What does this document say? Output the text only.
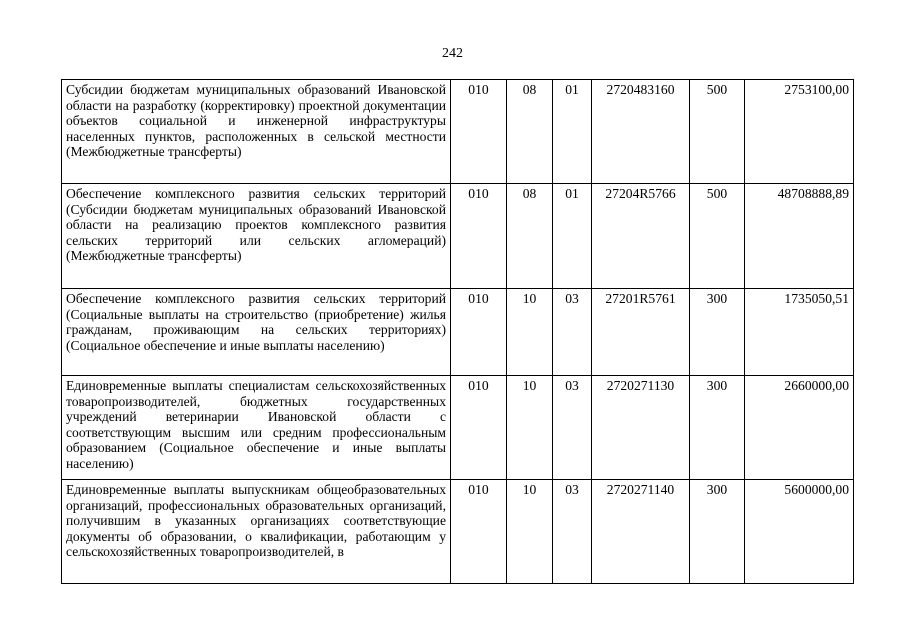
242
Субсидии бюджетам муниципальных образований Ивановской области на разработку (корректировку) проектной документации объектов социальной и инженерной инфраструктуры населенных пунктов, расположенных в сельской местности (Межбюджетные трансферты)	010	08	01	2720483160	500	2753100,00
Обеспечение комплексного развития сельских территорий (Субсидии бюджетам муниципальных образований Ивановской области на реализацию проектов комплексного развития сельских территорий или сельских агломераций) (Межбюджетные трансферты)	010	08	01	27204R5766	500	48708888,89
Обеспечение комплексного развития сельских территорий (Социальные выплаты на строительство (приобретение) жилья гражданам, проживающим на сельских территориях) (Социальное обеспечение и иные выплаты населению)	010	10	03	27201R5761	300	1735050,51
Единовременные выплаты специалистам сельскохозяйственных товаропроизводителей, бюджетных государственных учреждений ветеринарии Ивановской области с соответствующим высшим или средним профессиональным образованием (Социальное обеспечение и иные выплаты населению)	010	10	03	2720271130	300	2660000,00
Единовременные выплаты выпускникам общеобразовательных организаций, профессиональных образовательных организаций, получившим в указанных организациях соответствующие документы об образовании, о квалификации, работающим у сельскохозяйственных товаропроизводителей, в	010	10	03	2720271140	300	5600000,00
